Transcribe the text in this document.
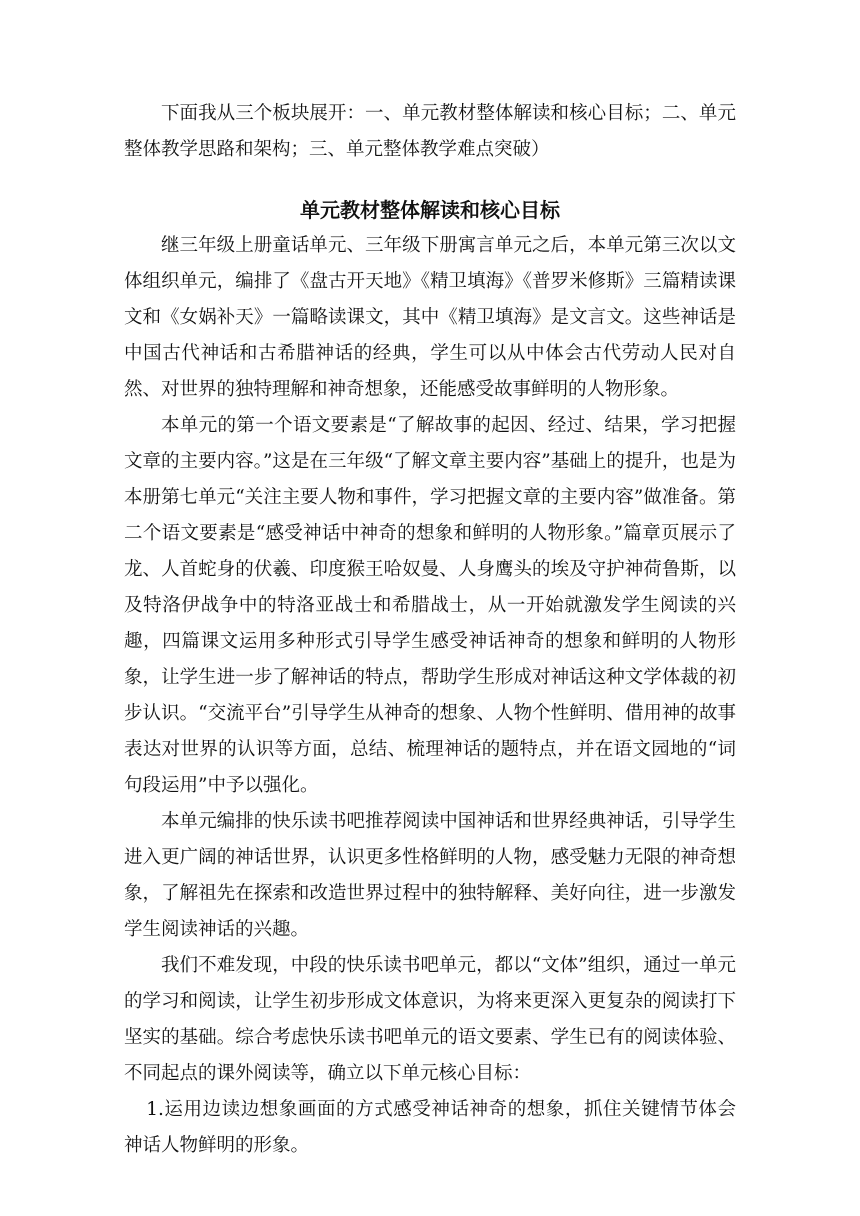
下面我从三个板块展开：一、单元教材整体解读和核心目标；二、单元整体教学思路和架构；三、单元整体教学难点突破）

单元教材整体解读和核心目标

继三年级上册童话单元、三年级下册寓言单元之后，本单元第三次以文体组织单元，编排了《盘古开天地》《精卫填海》《普罗米修斯》三篇精读课文和《女娲补天》一篇略读课文，其中《精卫填海》是文言文。这些神话是中国古代神话和古希腊神话的经典，学生可以从中体会古代劳动人民对自然、对世界的独特理解和神奇想象，还能感受故事鲜明的人物形象。

本单元的第一个语文要素是“了解故事的起因、经过、结果，学习把握文章的主要内容。”这是在三年级“了解文章主要内容”基础上的提升，也是为本册第七单元“关注主要人物和事件，学习把握文章的主要内容”做准备。第二个语文要素是“感受神话中神奇的想象和鲜明的人物形象。”篇章页展示了龙、人首蛇身的伏羲、印度猴王哈奴曼、人身鹰头的埃及守护神荷鲁斯，以及特洛伊战争中的特洛亚战士和希腊战士，从一开始就激发学生阅读的兴趣，四篇课文运用多种形式引导学生感受神话神奇的想象和鲜明的人物形象，让学生进一步了解神话的特点，帮助学生形成对神话这种文学体裁的初步认识。“交流平台”引导学生从神奇的想象、人物个性鲜明、借用神的故事表达对世界的认识等方面，总结、梳理神话的题特点，并在语文园地的“词句段运用”中予以强化。

本单元编排的快乐读书吧推荐阅读中国神话和世界经典神话，引导学生进入更广阔的神话世界，认识更多性格鲜明的人物，感受魅力无限的神奇想象，了解祖先在探索和改造世界过程中的独特解释、美好向往，进一步激发学生阅读神话的兴趣。

我们不难发现，中段的快乐读书吧单元，都以“文体”组织，通过一单元的学习和阅读，让学生初步形成文体意识，为将来更深入更复杂的阅读打下坚实的基础。综合考虑快乐读书吧单元的语文要素、学生已有的阅读体验、不同起点的课外阅读等，确立以下单元核心目标：

1.运用边读边想象画面的方式感受神话神奇的想象，抓住关键情节体会神话人物鲜明的形象。
